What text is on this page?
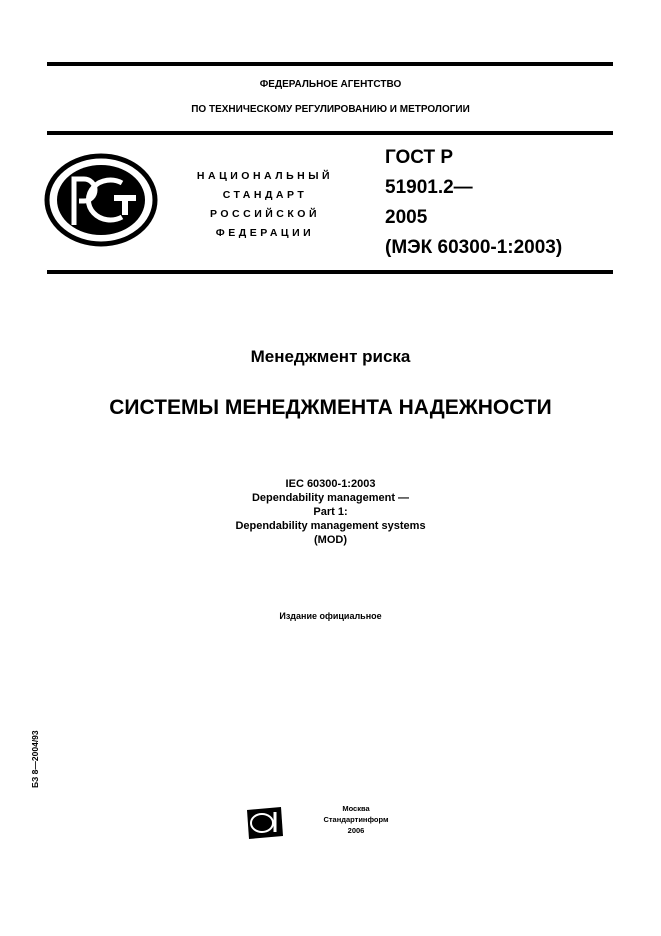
ФЕДЕРАЛЬНОЕ АГЕНТСТВО
ПО ТЕХНИЧЕСКОМУ РЕГУЛИРОВАНИЮ И МЕТРОЛОГИИ
НАЦИОНАЛЬНЫЙ
СТАНДАРТ
РОССИЙСКОЙ
ФЕДЕРАЦИИ
ГОСТ Р
51901.2—
2005
(МЭК 60300-1:2003)
Менеджмент риска
СИСТЕМЫ МЕНЕДЖМЕНТА НАДЕЖНОСТИ
IEC 60300-1:2003
Dependability management —
Part 1:
Dependability management systems
(MOD)
Издание официальное
БЗ 8—2004/93
Москва
Стандартинформ
2006
